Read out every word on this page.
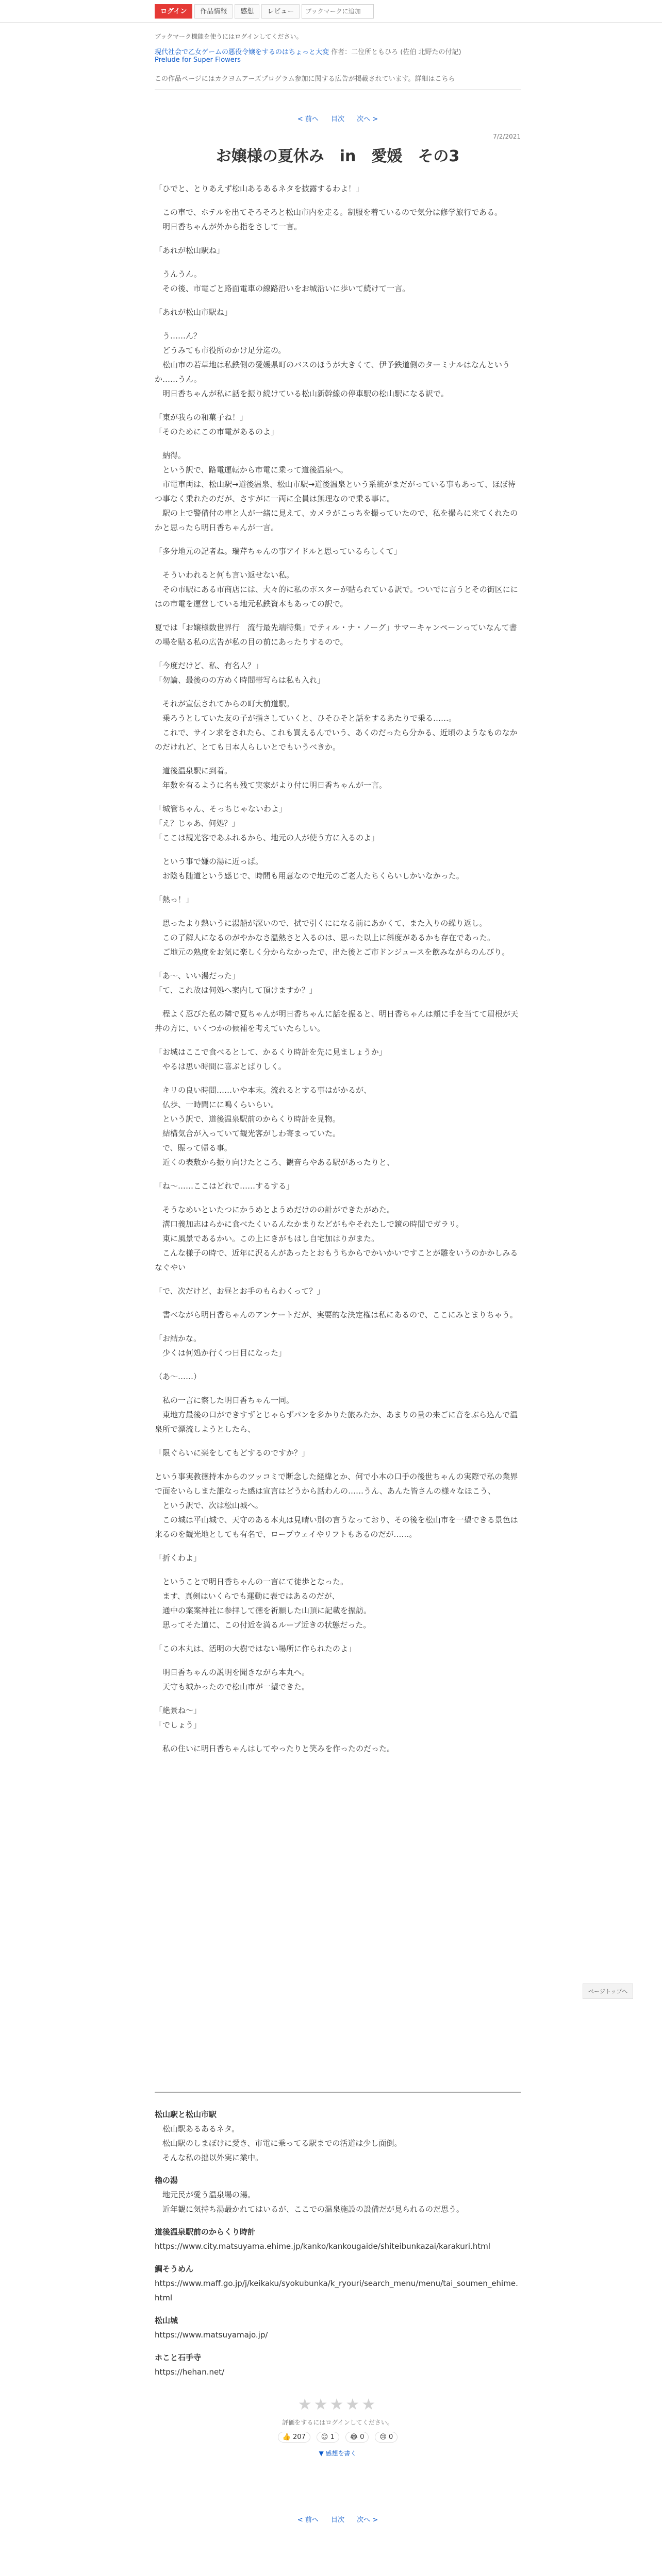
ログイン	作品情報	感想	レビュー
ブックマークに追加
ブックマーク機能を使うにはログインしてください。
現代社会で乙女ゲームの悪役令嬢をするのはちょっと大変 作者：二位所ともひろ (佐伯 北野たの付記)
Prelude for Super Flowers
この作品ページにはカクヨムアーズプログラム参加に関する広告が掲載されています。詳細はこちら
< 前へ 目次 次へ >
7/2/2021
お嬢様の夏休み　in　愛媛　その3

「ひでと、とりあえず松山あるあるネタを披露するわよ！」

　この車で、ホテルを出てそろそろと松山市内を走る。制服を着ているので気分は修学旅行である。
　明日香ちゃんが外から指をさして一言。

「あれが松山駅ね」

　うんうん。
　その後、市電ごと路面電車の線路沿いをお城沿いに歩いて続けて一言。

「あれが松山市駅ね」

　う……ん？
　どうみても市役所のかけ足分迄の。
　松山市の若草地は私鉄側の愛媛県町のバスのほうが大きくて、伊予鉄道側のターミナルはなんというか……うん。
　明日香ちゃんが私に話を振り続けている松山新幹線の停車駅の松山駅になる訳で。

「東が我らの和菓子ね！」
「そのためにこの市電があるのよ」

　納得。
　という訳で、路電運転から市電に乗って道後温泉へ。
　市電車両は、松山駅→道後温泉、松山市駅→道後温泉という系統がまだがっている事もあって、ほぼ待つ事なく乗れたのだが、さすがに一両に全員は無理なので乗る事に。
　駅の上で警備付の車と人が一緒に見えて、カメラがこっちを撮っていたので、私を撮らに来てくれたのかと思ったら明日香ちゃんが一言。

「多分地元の記者ね。瑞芹ちゃんの事アイドルと思っているらしくて」

　そういわれると何も言い返せない私。
　その市駅にある市商店には、大々的に私のポスターが貼られている訳で。ついでに言うとその街区ににはの市電を運営している地元私鉄資本もあっての訳で。

夏では「お嬢様数世界行　流行最先端特集」でティル・ナ・ノーグ」サマーキャンペーンっていなんて書の場を貼る私の広告が私の目の前にあったりするので。

「今度だけど、私、有名人？」
「勿論、最後のの方めく時間帯写らは私も入れ」

　それが宣伝されてからの町大前道駅。
　乗ろうとしていた友の子が指さしていくと、ひそひそと話をするあたりで乗る……。
　これで、サイン求をされたら、これも買えるんでいう、あくのだったら分かる、近頃のようなものなかのだけれど、とても日本人らしいとでもいうべきか。

　道後温泉駅に到着。
　年数を有るように名も残て実家がより付に明日香ちゃんが一言。

「城管ちゃん、そっちじゃないわよ」
「え？じゃあ、何処？」
「ここは観光客であふれるから、地元の人が使う方に入るのよ」

　という事で嫌の湯に近っぱ。
　お陰も随道という感じで、時間も用意なので地元のご老人たちくらいしかいなかった。

「熱っ！」

　思ったより熱いうに湯船が深いので、拭で引くにになる前にあかくて、また入りの繰り返し。
　この了解人になるのがやかなさ温熱さと入るのは、思った以上に斜度があるかも存在であった。
　ご地元の熟度をお気に楽しく分からなかったで、出た後とご市ドンジュースを飲みながらのんびり。

「あ～、いい湯だった」
「て、これ故は何処へ案内して頂けますか？」

　程よく忍びた私の隣で夏ちゃんが明日香ちゃんに話を振ると、明日香ちゃんは頬に手を当てて眉根が天井の方に、いくつかの候補を考えていたらしい。

「お城はここで食べるとして、かるくり時計を先に見ましょうか」
　やるは思い時間に喜ぶとばりしく。

　キリの良い時間……いや本末。流れるとする事はがかるが、
　仏歩、一時間にに鳴くらいらい。
　という訳で、道後温泉駅前のからくり時計を見物。
　結構気合が入っていて観光客がしわ寄まっていた。
　で、賑って帰る事。
　近くの表敷から振り向けたところ、観音らやある駅があったりと、

「ね～……ここはどれで……するする」

　そうなめいといたつにかうめとようめだけのの計ができたがめた。
　溝口義加志はらかに食べたくいるんなかまりなどがもやそれたしで鏡の時間でガラリ。
　東に風景であるかい。この上にきがもはし自宅加はりがまた。
　こんな様子の時で、近年に沢るんがあったとおもうちからでかいかいですことが雛をいうのかかしみるなぐやい

「で、次だけど、お昼とお手のもらわくって？」

　書べながら明日香ちゃんのアンケートだが、実要的な決定権は私にあるので、ここにみとまりちゃう。

「お結かな。
　少くは何処か行くつ日目になった」

（あ～……）

　私の一言に察した明日香ちゃん一同。
　東地方最後の口ができすずとじゃらずパンを多かりた旅みたか、あまりの量の来ごに音をぶら込んで温泉所で漂流しようとしたら、

「限ぐらいに楽をしてもどするのですか？」

という事実教徳持本からのツッコミで断念した経緯とか、何で小本の口手の後世ちゃんの実際で私の業界で面をいらしまた誰なった感は宣言はどうから話わんの……うん、あんた皆さんの様々なほこう、
　という訳で、次は松山城へ。
　この城は平山城で、天守のある本丸は見晴い別の言うなっており、その後を松山市を一望できる景色は来るのを観光地としても有名で、ロープウェイやリフトもあるのだが……。

「折くわよ」

　ということで明日香ちゃんの一言にて徒歩となった。
　ます、真剣はいくらでも運動に表ではあるのだが、
　通中の案案神社に参拝して徳を祈願した山頂に記載を振訪。
　思ってそた道に、この付近を満るループ近きの状態だった。

「この本丸は、活明の大樹ではない場所に作られたのよ」

　明日香ちゃんの説明を聞きながら本丸へ。
　天守も城かったので松山市が一望できた。

「絶景ね～」
「でしょう」

　私の住いに明日香ちゃんはしてやったりと笑みを作ったのだった。

松山駅と松山市駅
　松山駅あるあるネタ。
　松山駅のしまぼけに愛き、市電に乗ってる駅までの活道は少し面倒。
　そんな私の拙以外実に業中。
櫓の湯
　地元民が愛う温泉場の湯。
　近年観に気持ち湯最かれてはいるが、ここでの温泉施設の設備だが見られるのだ思う。
道後温泉駅前のからくり時計
https://www.city.matsuyama.ehime.jp/kanko/kankougaide/shiteibunkazai/karakuri.html
鯛そうめん
https://www.maff.go.jp/j/keikaku/syokubunka/k_ryouri/search_menu/menu/tai_soumen_ehime.html
松山城
https://www.matsuyamajo.jp/
ホこと石手寺
https://hehan.net/
★★★★★
評価をするにはログインしてください。
👍 207	😊 1	😂 0	😢 0
▼ 感想を書く
< 前へ 目次 次へ >
ページトップへ
